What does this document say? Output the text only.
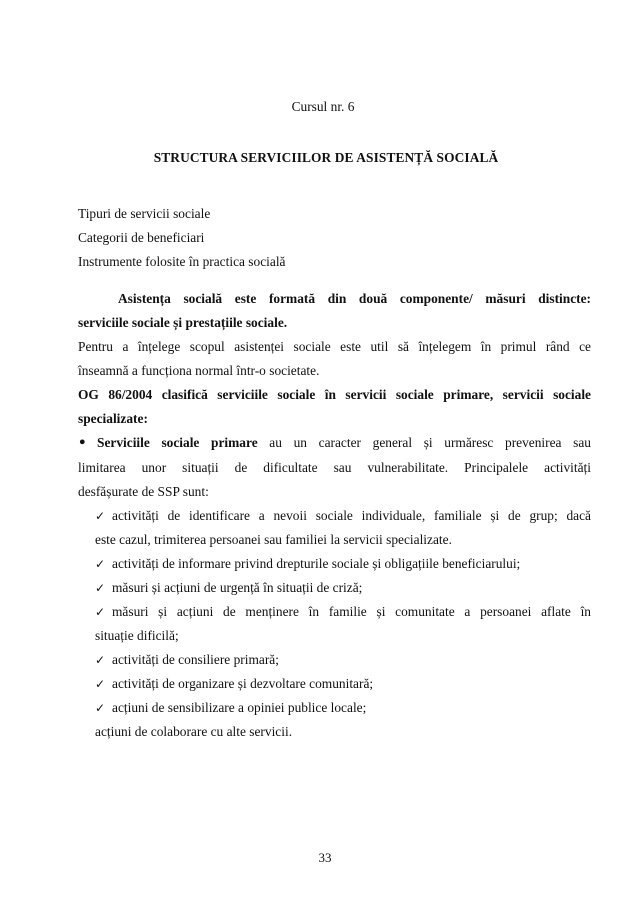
Cursul nr. 6
STRUCTURA SERVICIILOR DE ASISTENȚĂ SOCIALĂ
Tipuri de servicii sociale
Categorii de beneficiari
Instrumente folosite în practica socială
Asistența socială este formată din două componente/ măsuri distincte:
serviciile sociale și prestațiile sociale.
Pentru a înțelege scopul asistenței sociale este util să înțelegem în primul rând ce
înseamnă a funcționa normal într-o societate.
OG 86/2004 clasifică serviciile sociale în servicii sociale primare, servicii sociale
specializate:
• Serviciile sociale primare au un caracter general și urmăresc prevenirea sau
limitarea unor situații de dificultate sau vulnerabilitate. Principalele activități
desfășurate de SSP sunt:
✓ activități de identificare a nevoii sociale individuale, familiale și de grup; dacă
este cazul, trimiterea persoanei sau familiei la servicii specializate.
✓ activități de informare privind drepturile sociale și obligațiile beneficiarului;
✓ măsuri și acțiuni de urgență în situații de criză;
✓ măsuri și acțiuni de menținere în familie și comunitate a persoanei aflate în
situație dificilă;
✓ activități de consiliere primară;
✓ activități de organizare și dezvoltare comunitară;
✓ acțiuni de sensibilizare a opiniei publice locale;
acțiuni de colaborare cu alte servicii.
33
